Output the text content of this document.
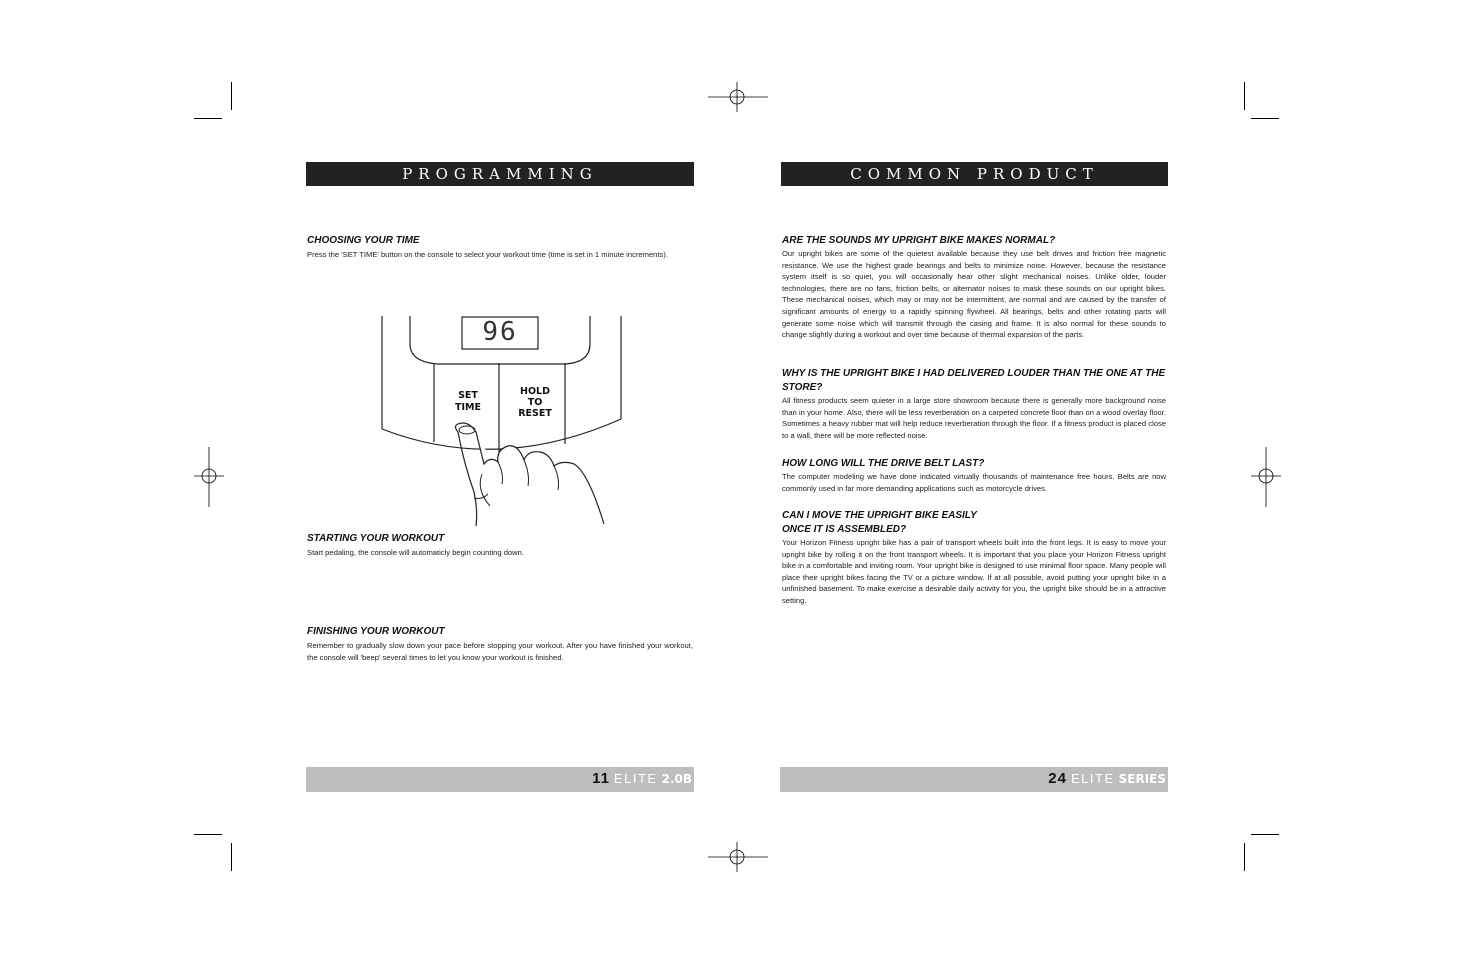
PROGRAMMING
CHOOSING YOUR TIME
Press the 'SET TIME' button on the console to select your workout time (time is set in 1 minute increments).
96
SET TIME
HOLD TO RESET
STARTING YOUR WORKOUT
Start pedaling, the console will automaticly begin counting down.
FINISHING YOUR WORKOUT
Remember to gradually slow down your pace before stopping your workout. After you have finished your workout, the console will 'beep' several times to let you know your workout is finished.
11 ELITE 2.0B
COMMON PRODUCT QUESTIONS
ARE THE SOUNDS MY UPRIGHT BIKE MAKES NORMAL?
Our upright bikes are some of the quietest available because they use belt drives and friction free magnetic resistance. We use the highest grade bearings and belts to minimize noise. However, because the resistance system itself is so quiet, you will occasionally hear other slight mechanical noises. Unlike older, louder technologies, there are no fans, friction belts, or alternator noises to mask these sounds on our upright bikes. These mechanical noises, which may or may not be intermittent, are normal and are caused by the transfer of significant amounts of energy to a rapidly spinning flywheel. All bearings, belts and other rotating parts will generate some noise which will transmit through the casing and frame. It is also normal for these sounds to change slightly during a workout and over time because of thermal expansion of the parts.
WHY IS THE UPRIGHT BIKE I HAD DELIVERED LOUDER THAN THE ONE AT THE STORE?
All fitness products seem quieter in a large store showroom because there is generally more background noise than in your home. Also, there will be less reverberation on a carpeted concrete floor than on a wood overlay floor. Sometimes a heavy rubber mat will help reduce reverberation through the floor. If a fitness product is placed close to a wall, there will be more reflected noise.
HOW LONG WILL THE DRIVE BELT LAST?
The computer modeling we have done indicated virtually thousands of maintenance free hours. Belts are now commonly used in far more demanding applications such as motorcycle drives.
CAN I MOVE THE UPRIGHT BIKE EASILY ONCE IT IS ASSEMBLED?
Your Horizon Fitness upright bike has a pair of transport wheels built into the front legs. It is easy to move your upright bike by rolling it on the front transport wheels. It is important that you place your Horizon Fitness upright bike in a comfortable and inviting room. Your upright bike is designed to use minimal floor space. Many people will place their upright bikes facing the TV or a picture window. If at all possible, avoid putting your upright bike in a unfinished basement. To make exercise a desirable daily activity for you, the upright bike should be in a attractive setting.
24 ELITE SERIES
